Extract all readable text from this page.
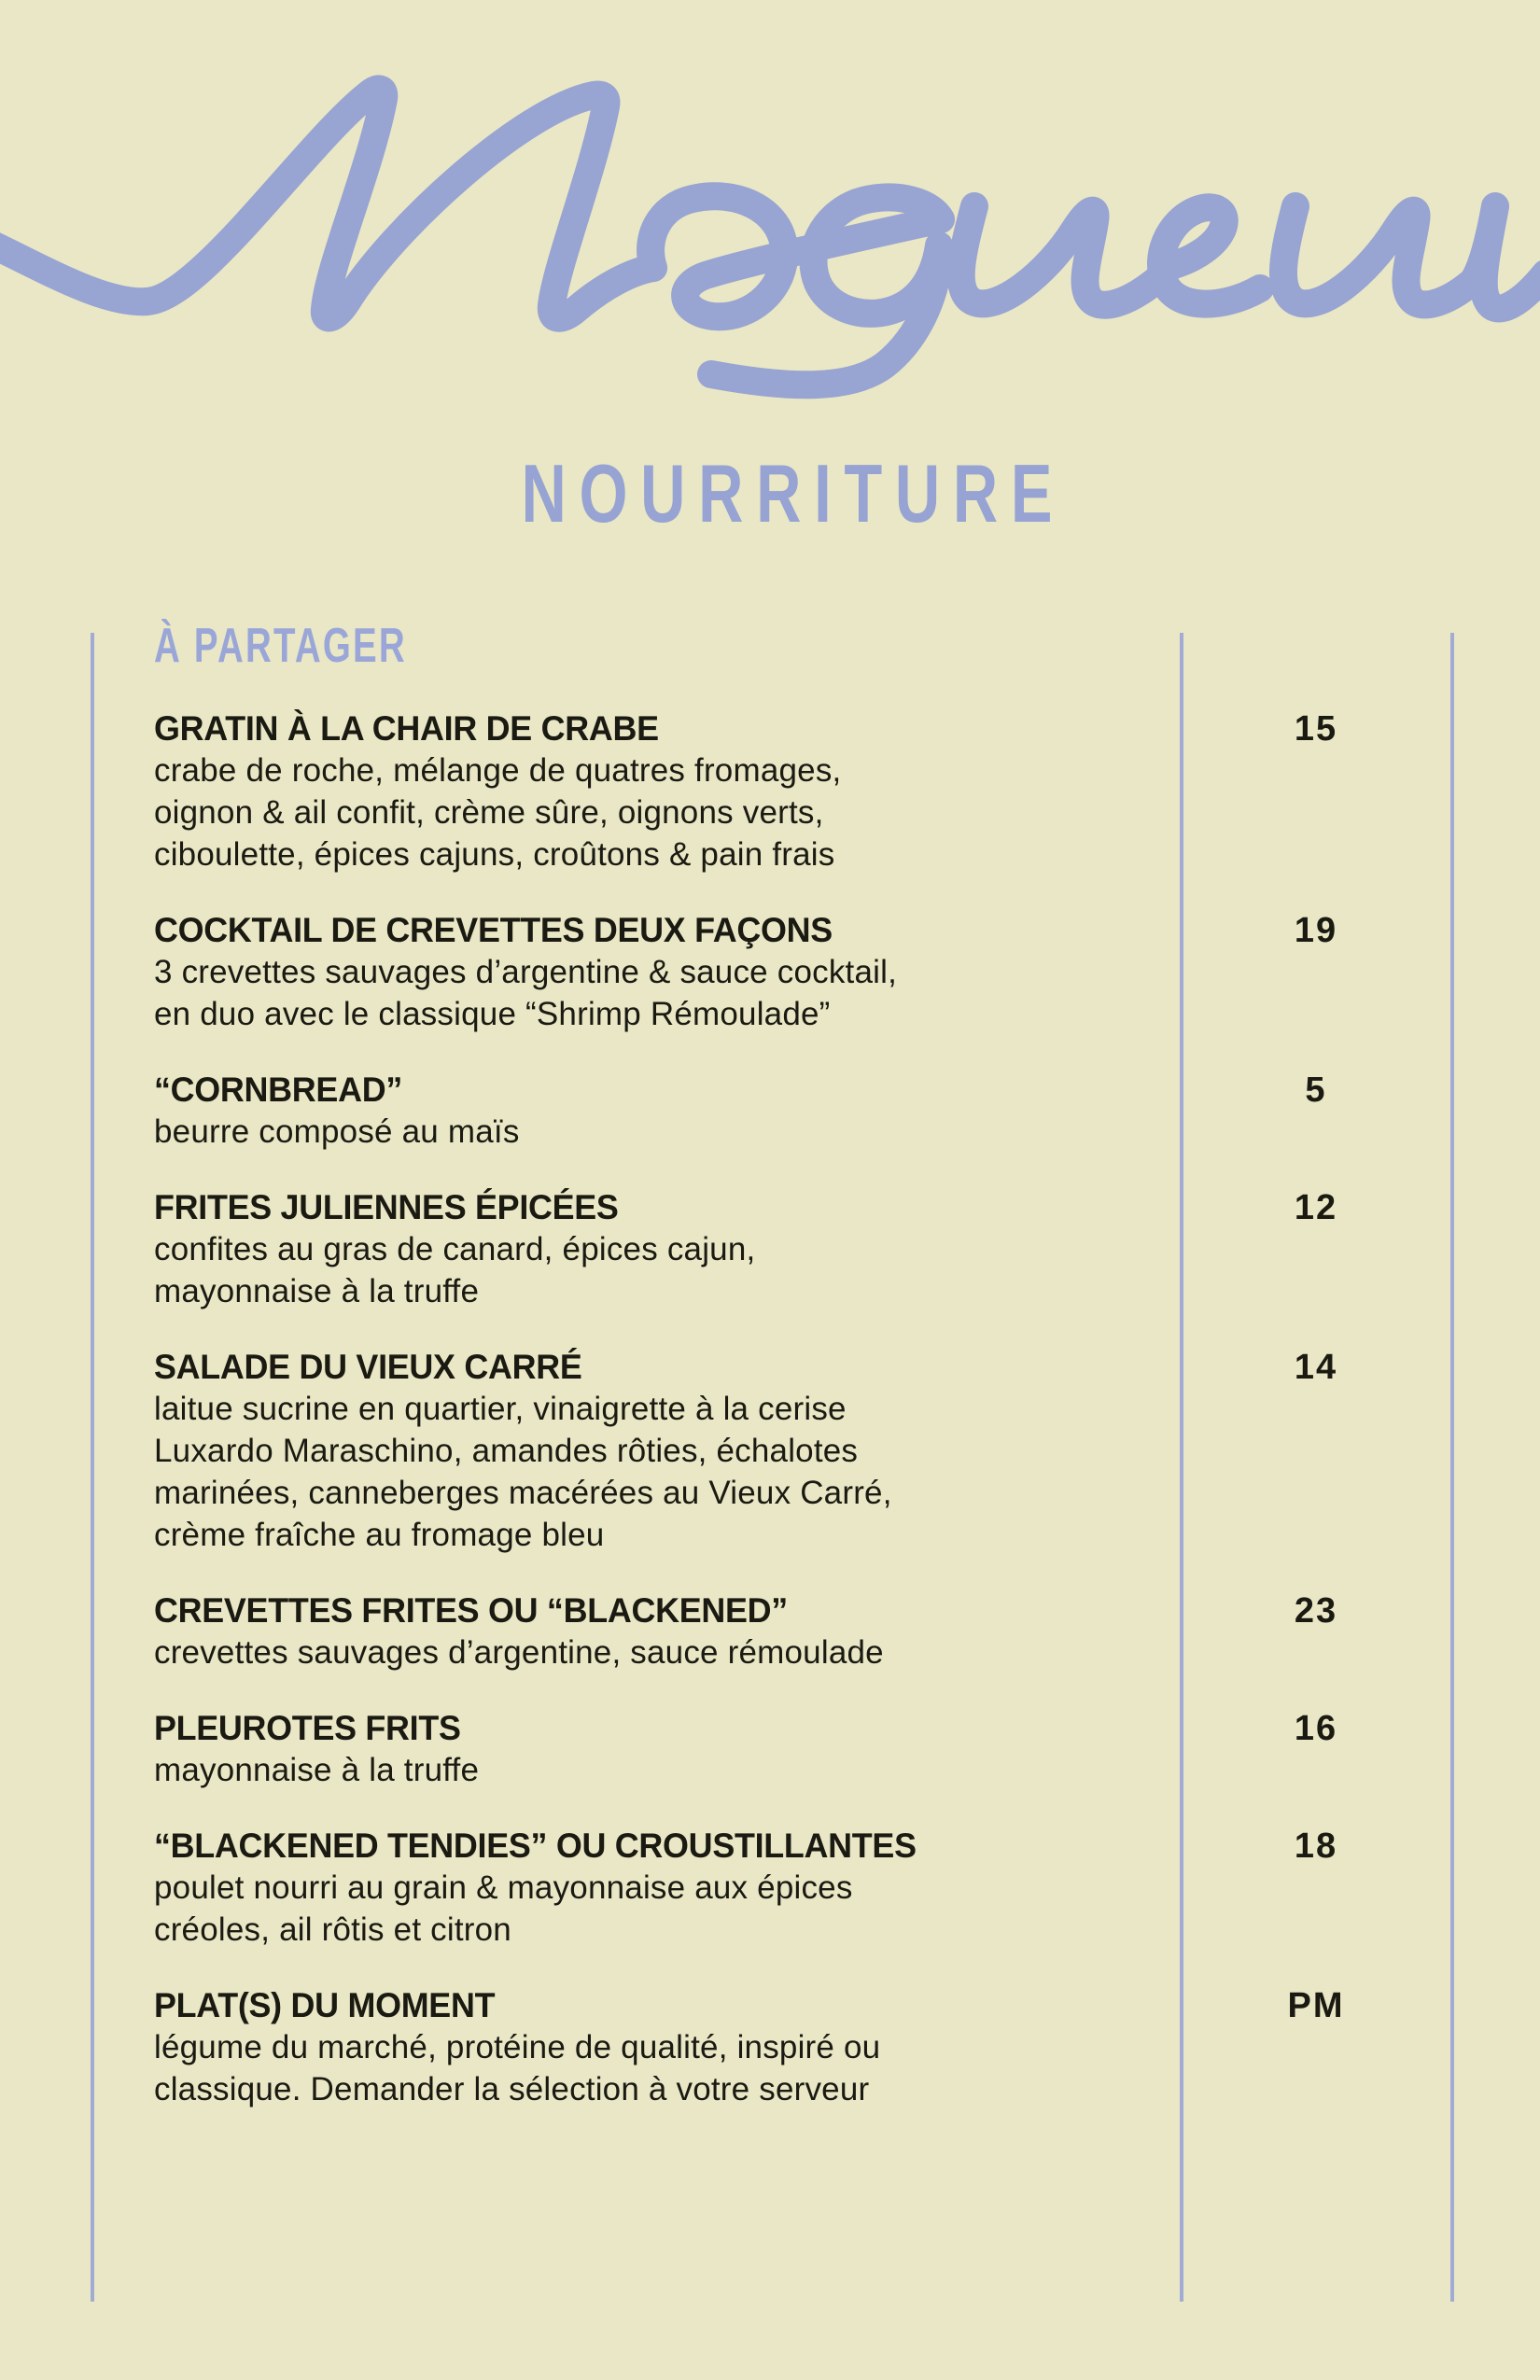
NOURRITURE
À PARTAGER
GRATIN À LA CHAIR DE CRABE
crabe de roche, mélange de quatres fromages,
oignon & ail confit, crème sûre, oignons verts,
ciboulette, épices cajuns, croûtons & pain frais
15
COCKTAIL DE CREVETTES DEUX FAÇONS
3 crevettes sauvages d’argentine & sauce cocktail,
en duo avec le classique “Shrimp Rémoulade”
19
“CORNBREAD”
beurre composé au maïs
5
FRITES JULIENNES ÉPICÉES
confites au gras de canard, épices cajun,
mayonnaise à la truffe
12
SALADE DU VIEUX CARRÉ
laitue sucrine en quartier, vinaigrette à la cerise
Luxardo Maraschino, amandes rôties, échalotes
marinées, canneberges macérées au Vieux Carré,
crème fraîche au fromage bleu
14
CREVETTES FRITES OU “BLACKENED”
crevettes sauvages d’argentine, sauce rémoulade
23
PLEUROTES FRITS
mayonnaise à la truffe
16
“BLACKENED TENDIES” OU CROUSTILLANTES
poulet nourri au grain & mayonnaise aux épices
créoles, ail rôtis et citron
18
PLAT(S) DU MOMENT
légume du marché, protéine de qualité, inspiré ou
classique. Demander la sélection à votre serveur
PM
